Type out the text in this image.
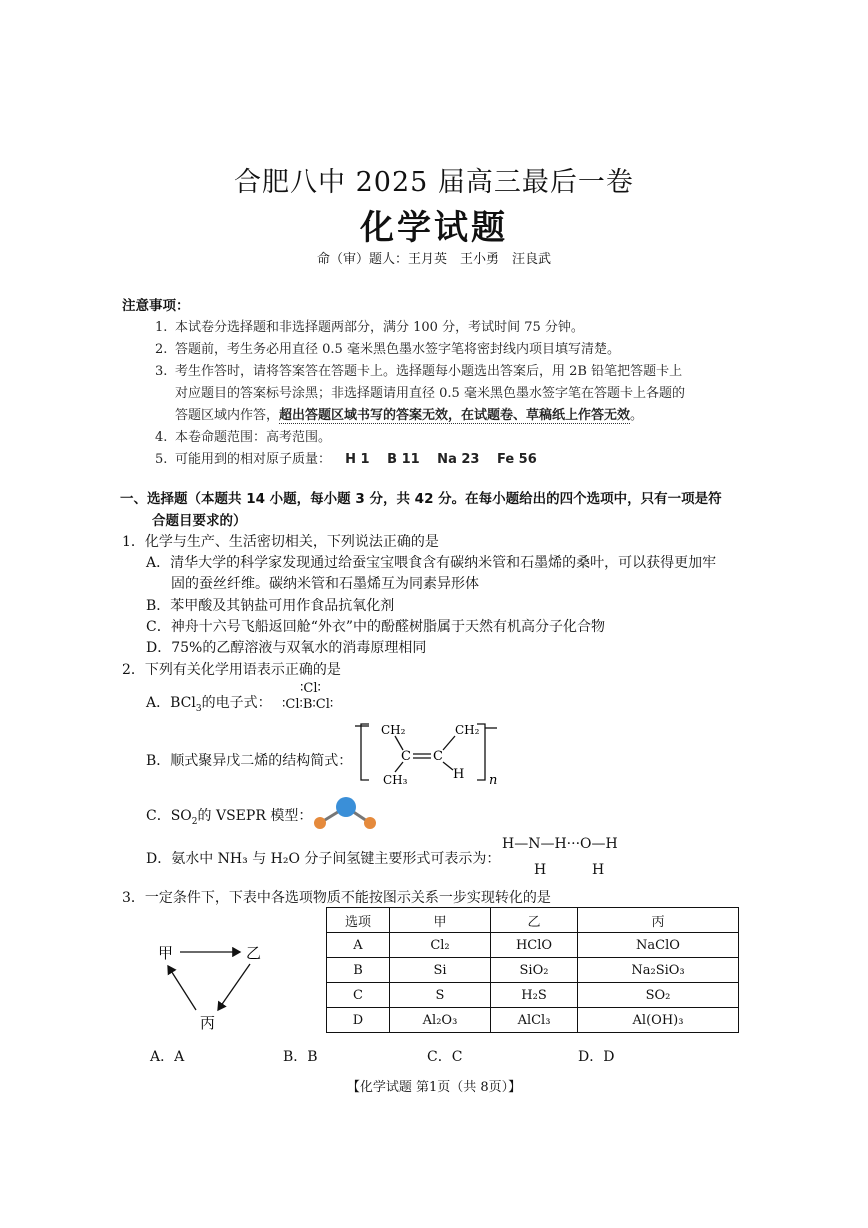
合肥八中 2025 届高三最后一卷
化学试题
命（审）题人：王月英　王小勇　汪良武
注意事项：
1. 本试卷分选择题和非选择题两部分，满分 100 分，考试时间 75 分钟。
2. 答题前，考生务必用直径 0.5 毫米黑色墨水签字笔将密封线内项目填写清楚。
3. 考生作答时，请将答案答在答题卡上。选择题每小题选出答案后，用 2B 铅笔把答题卡上
对应题目的答案标号涂黑；非选择题请用直径 0.5 毫米黑色墨水签字笔在答题卡上各题的
答题区域内作答，超出答题区域书写的答案无效，在试题卷、草稿纸上作答无效。
4. 本卷命题范围：高考范围。
5. 可能用到的相对原子质量： H 1　 B 11　 Na 23　 Fe 56
一、选择题（本题共 14 小题，每小题 3 分，共 42 分。在每小题给出的四个选项中，只有一项是符
合题目要求的）
1．化学与生产、生活密切相关，下列说法正确的是
A．清华大学的科学家发现通过给蚕宝宝喂食含有碳纳米管和石墨烯的桑叶，可以获得更加牢
固的蚕丝纤维。碳纳米管和石墨烯互为同素异形体
B．苯甲酸及其钠盐可用作食品抗氧化剂
C．神舟十六号飞船返回舱“外衣”中的酚醛树脂属于天然有机高分子化合物
D．75%的乙醇溶液与双氧水的消毒原理相同
2．下列有关化学用语表示正确的是
A．BCl$_3$的电子式：
∶Cl∶
∶Cl∶B∶Cl∶
B．顺式聚异戊二烯的结构简式：
CH₂	CH₂
C C
CH₃	H n
C．$SO_2$的 VSEPR 模型：
D．氨水中 NH₃ 与 H₂O 分子间氢键主要形式可表示为：
H—N—H···O—H
H	H
3．一定条件下，下表中各选项物质不能按图示关系一步实现转化的是
甲	乙
丙
选项	甲	乙	丙
A	Cl₂	HClO	NaClO
B	Si	SiO₂	Na₂SiO₃
C	S	H₂S	SO₂
D	Al₂O₃	AlCl₃	Al(OH)₃
A．A	B．B	C．C	D．D
【化学试题 第1页（共 8页）】
